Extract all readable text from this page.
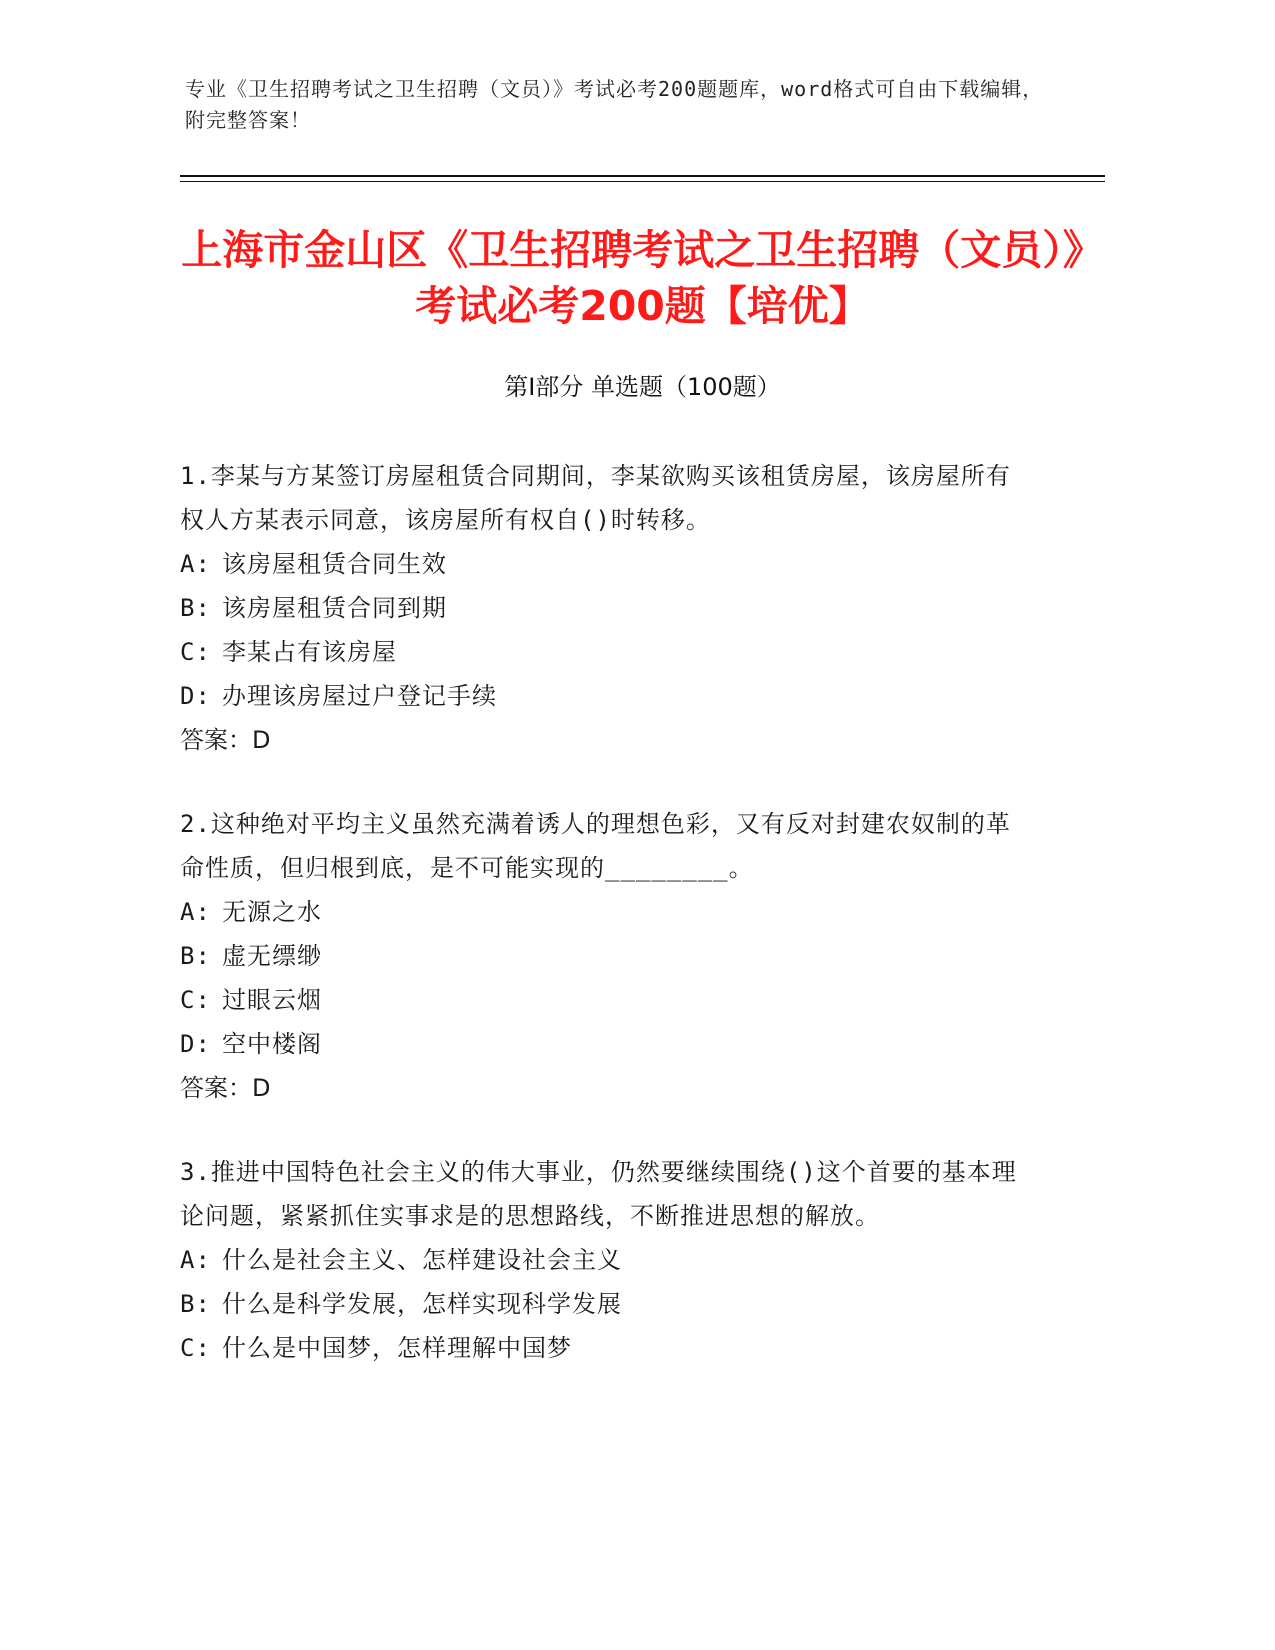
专业《卫生招聘考试之卫生招聘（文员）》考试必考200题题库，word格式可自由下载编辑，附完整答案！
上海市金山区《卫生招聘考试之卫生招聘（文员）》考试必考200题【培优】
第I部分 单选题（100题）

1.李某与方某签订房屋租赁合同期间，李某欲购买该租赁房屋，该房屋所有权人方某表示同意，该房屋所有权自()时转移。

A: 该房屋租赁合同生效

B: 该房屋租赁合同到期

C: 李某占有该房屋

D: 办理该房屋过户登记手续

答案：D

2.这种绝对平均主义虽然充满着诱人的理想色彩，又有反对封建农奴制的革命性质，但归根到底，是不可能实现的________。

A: 无源之水

B: 虚无缥缈

C: 过眼云烟

D: 空中楼阁

答案：D

3.推进中国特色社会主义的伟大事业，仍然要继续围绕()这个首要的基本理论问题，紧紧抓住实事求是的思想路线，不断推进思想的解放。

A: 什么是社会主义、怎样建设社会主义

B: 什么是科学发展，怎样实现科学发展

C: 什么是中国梦，怎样理解中国梦
